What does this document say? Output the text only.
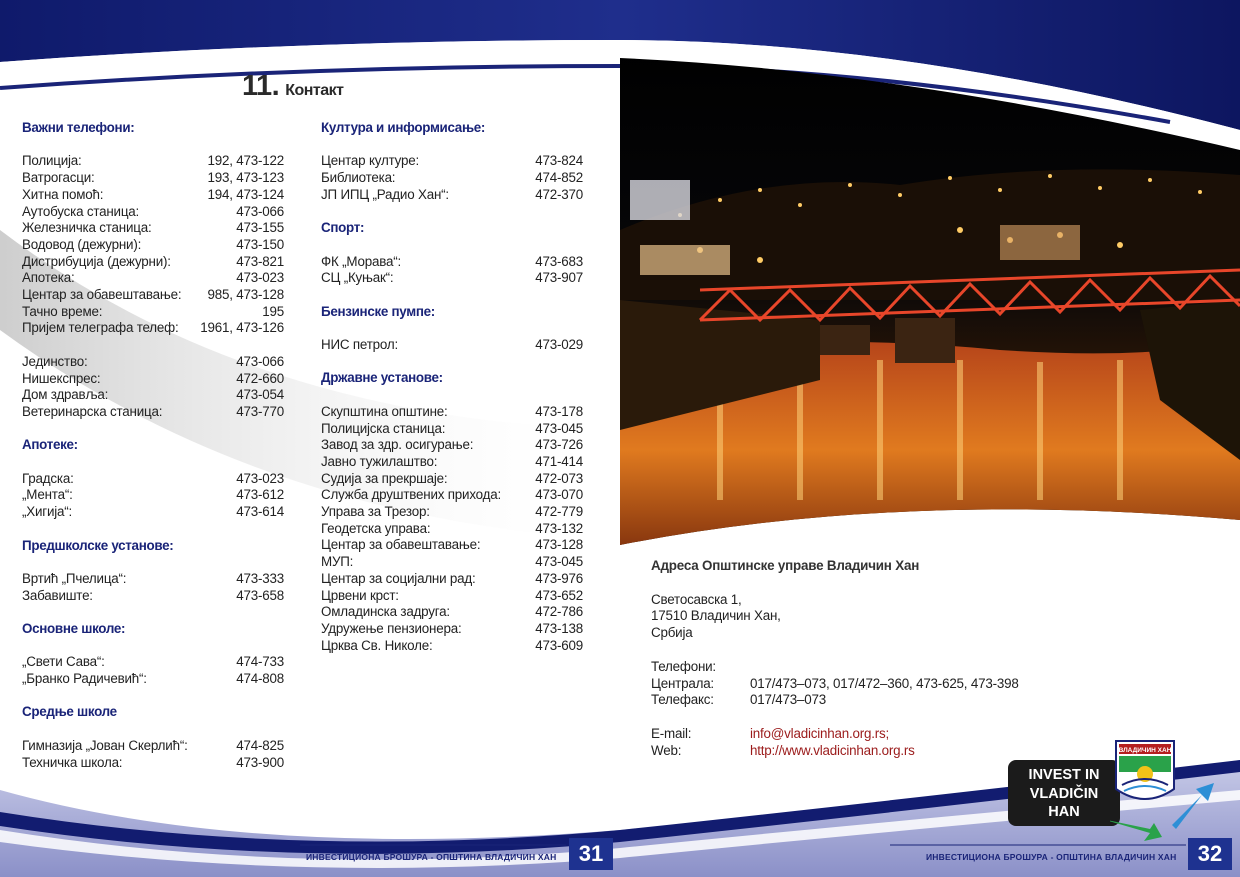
11. Контакт
Важни телефони:
Полиција:	192, 473-122
Ватрогасци:	193, 473-123
Хитна помоћ:	194, 473-124
Аутобуска станица:	473-066
Железничка станица:	473-155
Водовод (дежурни):	473-150
Дистрибуција (дежурни):	473-821
Апотека:	473-023
Центар за обавештавање: 985, 473-128
Тачно време:	195
Пријем телеграфа телеф: 1961, 473-126
Јединство:	473-066
Нишекспрес:	472-660
Дом здравља:	473-054
Ветеринарска станица:	473-770
Апотеке:
Градска:	473-023
„Мента“:	473-612
„Хигија“:	473-614
Предшколске установе:
Вртић „Пчелица“:	473-333
Забавиште:	473-658
Основне школе:
„Свети Сава“:	474-733
„Бранко Радичевић“:	474-808
Средње школе
Гимназија „Јован Скерлић“:	474-825
Техничка школа:	473-900
Култура и информисање:
Центар културе:	473-824
Библиотека:	474-852
ЈП ИПЦ „Радио Хан“:	472-370
Спорт:
ФК „Морава“:	473-683
СЦ „Куњак“:	473-907
Бензинске пумпе:
НИС петрол:	473-029
Државне установе:
Скупштина општине:	473-178
Полицијска станица:	473-045
Завод за здр. осигурање:	473-726
Јавно тужилаштво:	471-414
Судија за прекршаје:	472-073
Служба друштвених прихода:	473-070
Управа за Трезор:	472-779
Геодетска управа:	473-132
Центар за обавештавање:	473-128
МУП:	473-045
Центар за социјални рад:	473-976
Црвени крст:	473-652
Омладинска задруга:	472-786
Удружење пензионера:	473-138
Црква Св. Николе:	473-609
Адреса Општинске управе Владичин Хан
Светосавска 1,
17510 Владичин Хан,
Србија
Телефони:
Централа:	017/473–073, 017/472–360, 473-625, 473-398
Телефакс:	017/473–073
E-mail:	info@vladicinhan.org.rs;
Web:	http://www.vladicinhan.org.rs
INVEST IN
VLADIČIN
HAN
ВЛАДИЧИН ХАН
ИНВЕСТИЦИОНА БРОШУРА - ОПШТИНА ВЛАДИЧИН ХАН	31	ИНВЕСТИЦИОНА БРОШУРА - ОПШТИНА ВЛАДИЧИН ХАН 32
